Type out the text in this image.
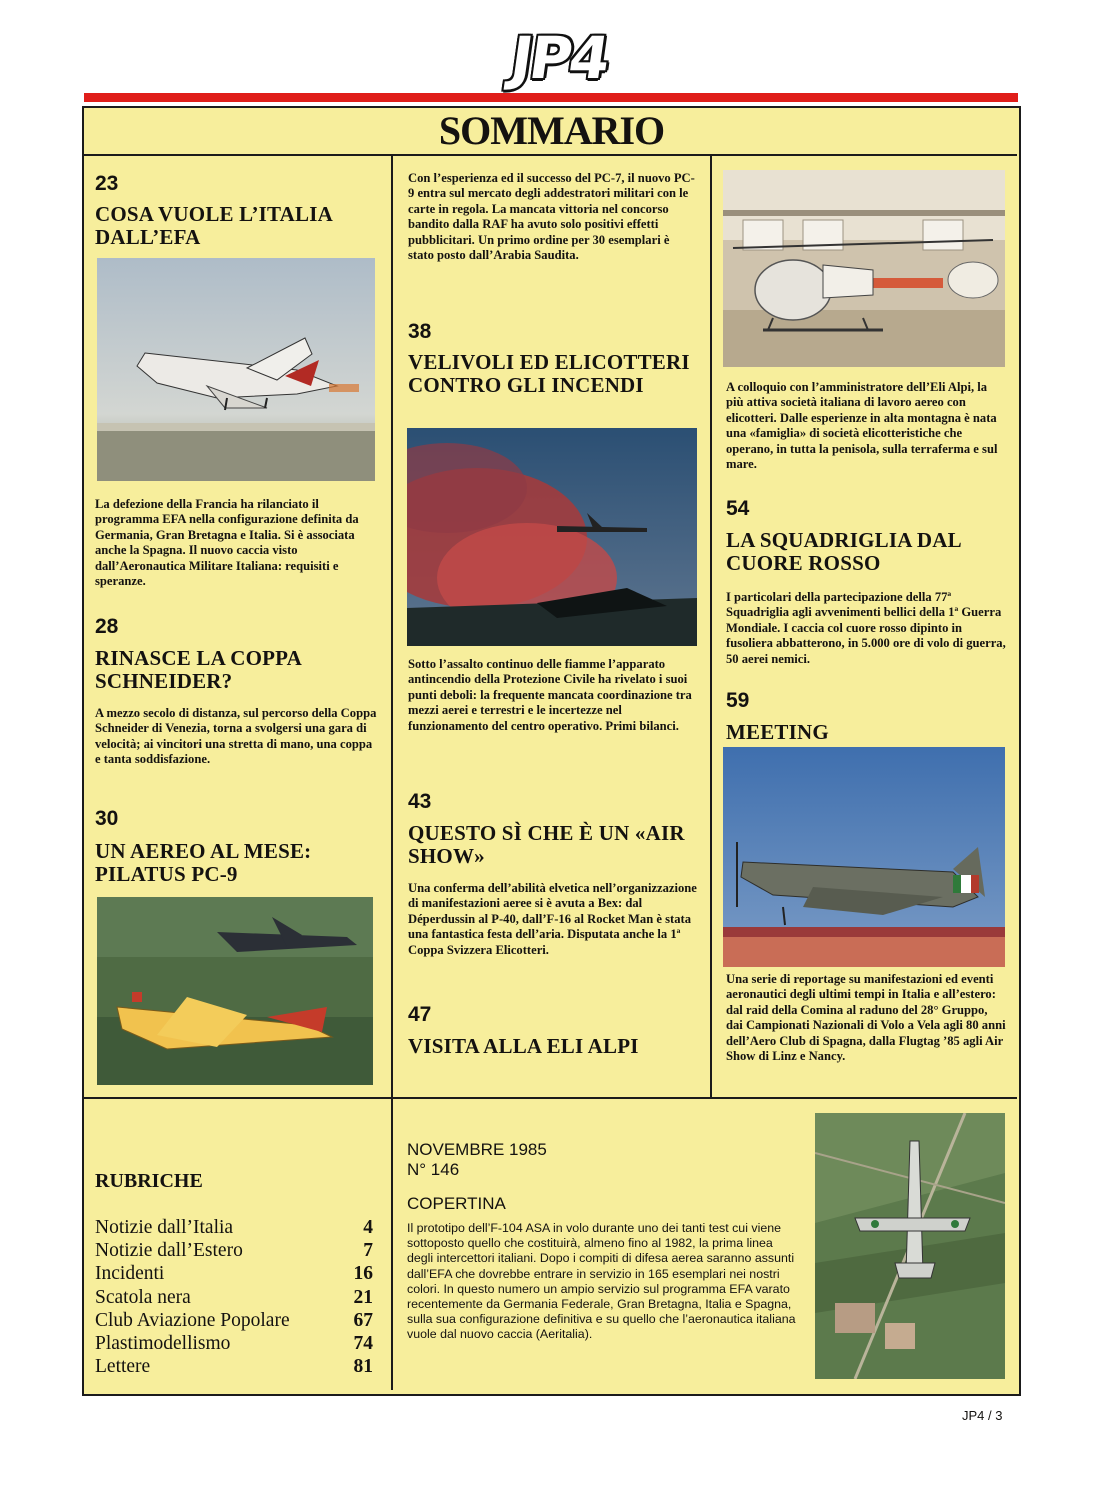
JP4
SOMMARIO
23
COSA VUOLE L’ITALIA DALL’EFA
La defezione della Francia ha rilanciato il programma EFA nella configurazione definita da Germania, Gran Bretagna e Italia. Si è associata anche la Spagna. Il nuovo caccia visto dall’Aeronautica Militare Italiana: requisiti e speranze.
28
RINASCE LA COPPA SCHNEIDER?
A mezzo secolo di distanza, sul percorso della Coppa Schneider di Venezia, torna a svolgersi una gara di velocità; ai vincitori una stretta di mano, una coppa e tanta soddisfazione.
30
UN AEREO AL MESE: PILATUS PC-9
Con l’esperienza ed il successo del PC-7, il nuovo PC-9 entra sul mercato degli addestratori militari con le carte in regola. La mancata vittoria nel concorso bandito dalla RAF ha avuto solo positivi effetti pubblicitari. Un primo ordine per 30 esemplari è stato posto dall’Arabia Saudita.
38
VELIVOLI ED ELICOTTERI CONTRO GLI INCENDI
Sotto l’assalto continuo delle fiamme l’apparato antincendio della Protezione Civile ha rivelato i suoi punti deboli: la frequente mancata coordinazione tra mezzi aerei e terrestri e le incertezze nel funzionamento del centro operativo. Primi bilanci.
43
QUESTO SÌ CHE È UN «AIR SHOW»
Una conferma dell’abilità elvetica nell’organizzazione di manifestazioni aeree si è avuta a Bex: dal Déperdussin al P-40, dall’F-16 al Rocket Man è stata una fantastica festa dell’aria. Disputata anche la 1ª Coppa Svizzera Elicotteri.
47
VISITA ALLA ELI ALPI
A colloquio con l’amministratore dell’Eli Alpi, la più attiva società italiana di lavoro aereo con elicotteri. Dalle esperienze in alta montagna è nata una «famiglia» di società elicotteristiche che operano, in tutta la penisola, sulla terraferma e sul mare.
54
LA SQUADRIGLIA DAL CUORE ROSSO
I particolari della partecipazione della 77ª Squadriglia agli avvenimenti bellici della 1ª Guerra Mondiale. I caccia col cuore rosso dipinto in fusoliera abbatterono, in 5.000 ore di volo di guerra, 50 aerei nemici.
59
MEETING
Una serie di reportage su manifestazioni ed eventi aeronautici degli ultimi tempi in Italia e all’estero: dal raid della Comina al raduno del 28° Gruppo, dai Campionati Nazionali di Volo a Vela agli 80 anni dell’Aero Club di Spagna, dalla Flugtag ’85 agli Air Show di Linz e Nancy.
RUBRICHE
Notizie dall’Italia	4
Notizie dall’Estero	7
Incidenti	16
Scatola nera	21
Club Aviazione Popolare	67
Plastimodellismo	74
Lettere	81
NOVEMBRE 1985
N° 146
COPERTINA
Il prototipo dell’F-104 ASA in volo durante uno dei tanti test cui viene sottoposto quello che costituirà, almeno fino al 1982, la prima linea degli intercettori italiani. Dopo i compiti di difesa aerea saranno assunti dall’EFA che dovrebbe entrare in servizio in 165 esemplari nei nostri colori. In questo numero un ampio servizio sul programma EFA varato recentemente da Germania Federale, Gran Bretagna, Italia e Spagna, sulla sua configurazione definitiva e su quello che l’aeronautica italiana vuole dal nuovo caccia (Aeritalia).
JP4 / 3
